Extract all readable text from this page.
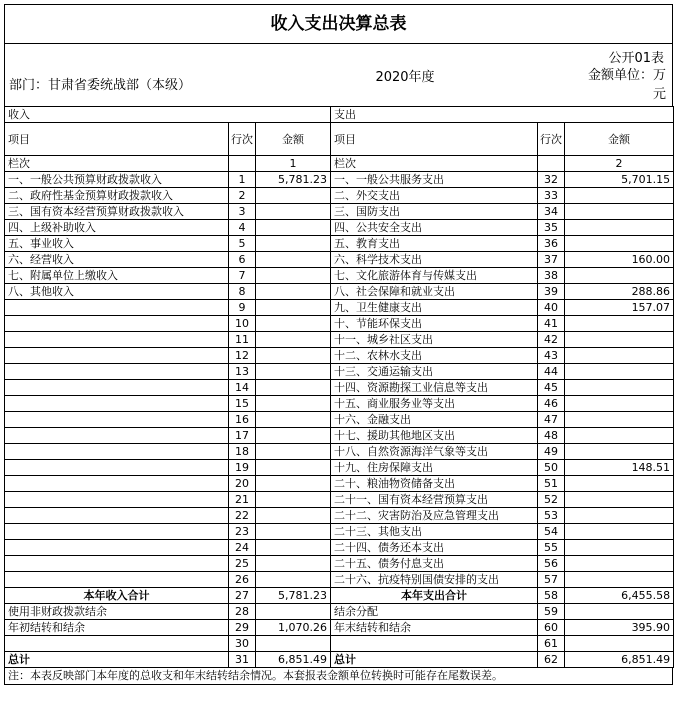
收入支出决算总表
公开01表
2020年度
部门：甘肃省委统战部（本级）
金额单位：万元
收入			支出		
项目	行次	金额	项目	行次	金额
栏次		1	栏次		2
一、一般公共预算财政拨款收入	1	5,781.23	一、一般公共服务支出	32	5,701.15
二、政府性基金预算财政拨款收入	2		二、外交支出	33	
三、国有资本经营预算财政拨款收入	3		三、国防支出	34	
四、上级补助收入	4		四、公共安全支出	35	
五、事业收入	5		五、教育支出	36	
六、经营收入	6		六、科学技术支出	37	160.00
七、附属单位上缴收入	7		七、文化旅游体育与传媒支出	38	
八、其他收入	8		八、社会保障和就业支出	39	288.86
	9		九、卫生健康支出	40	157.07
	10		十、节能环保支出	41	
	11		十一、城乡社区支出	42	
	12		十二、农林水支出	43	
	13		十三、交通运输支出	44	
	14		十四、资源勘探工业信息等支出	45	
	15		十五、商业服务业等支出	46	
	16		十六、金融支出	47	
	17		十七、援助其他地区支出	48	
	18		十八、自然资源海洋气象等支出	49	
	19		十九、住房保障支出	50	148.51
	20		二十、粮油物资储备支出	51	
	21		二十一、国有资本经营预算支出	52	
	22		二十二、灾害防治及应急管理支出	53	
	23		二十三、其他支出	54	
	24		二十四、债务还本支出	55	
	25		二十五、债务付息支出	56	
	26		二十六、抗疫特别国债安排的支出	57	
本年收入合计	27	5,781.23	本年支出合计	58	6,455.58
使用非财政拨款结余	28		结余分配	59	
年初结转和结余	29	1,070.26	年末结转和结余	60	395.90
	30			61	
总计	31	6,851.49	总计	62	6,851.49
注：本表反映部门本年度的总收支和年末结转结余情况。本套报表金额单位转换时可能存在尾数误差。
